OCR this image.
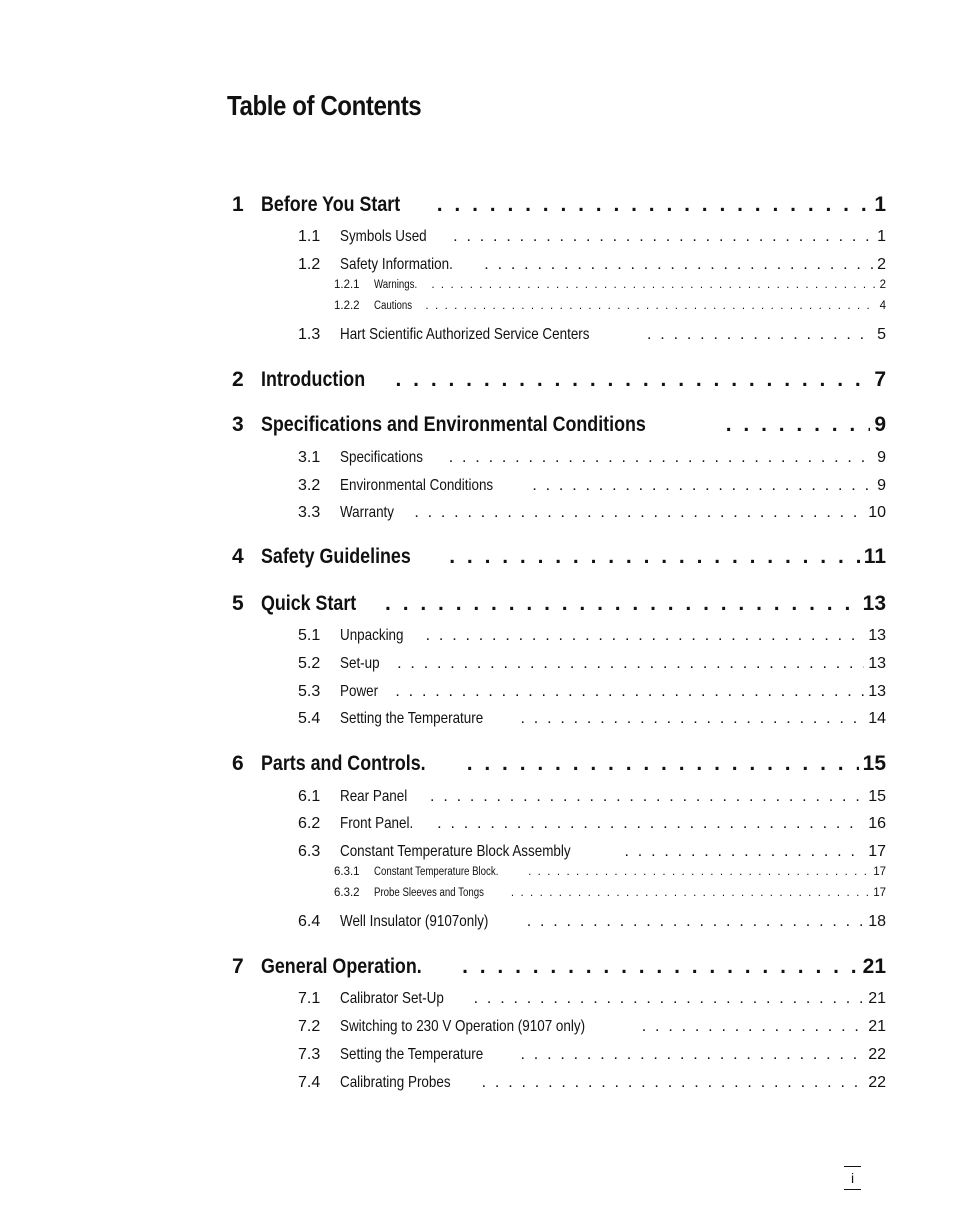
Table of Contents
1 Before You Start . . .	1
1.1	Symbols Used . . .	1
1.2	Safety Information. . . .	2
1.2.1	Warnings. . . .	2
1.2.2	Cautions . . .	4
1.3	Hart Scientific Authorized Service Centers . . .	5
2 Introduction . . .	7
3 Specifications and Environmental Conditions . . .	9
3.1	Specifications . . .	9
3.2	Environmental Conditions . . .	9
3.3	Warranty . . .	10
4 Safety Guidelines . . .	11
5 Quick Start . . .	13
5.1	Unpacking . . .	13
5.2	Set-up . . .	13
5.3	Power . . .	13
5.4	Setting the Temperature . . .	14
6 Parts and Controls. . . .	15
6.1	Rear Panel . . .	15
6.2	Front Panel. . . .	16
6.3	Constant Temperature Block Assembly . . .	17
6.3.1	Constant Temperature Block. . . .	17
6.3.2	Probe Sleeves and Tongs . . .	17
6.4	Well Insulator (9107only) . . .	18
7 General Operation. . . .	21
7.1	Calibrator Set-Up . . .	21
7.2	Switching to 230 V Operation (9107 only) . . .	21
7.3	Setting the Temperature . . .	22
7.4	Calibrating Probes . . .	22
i
